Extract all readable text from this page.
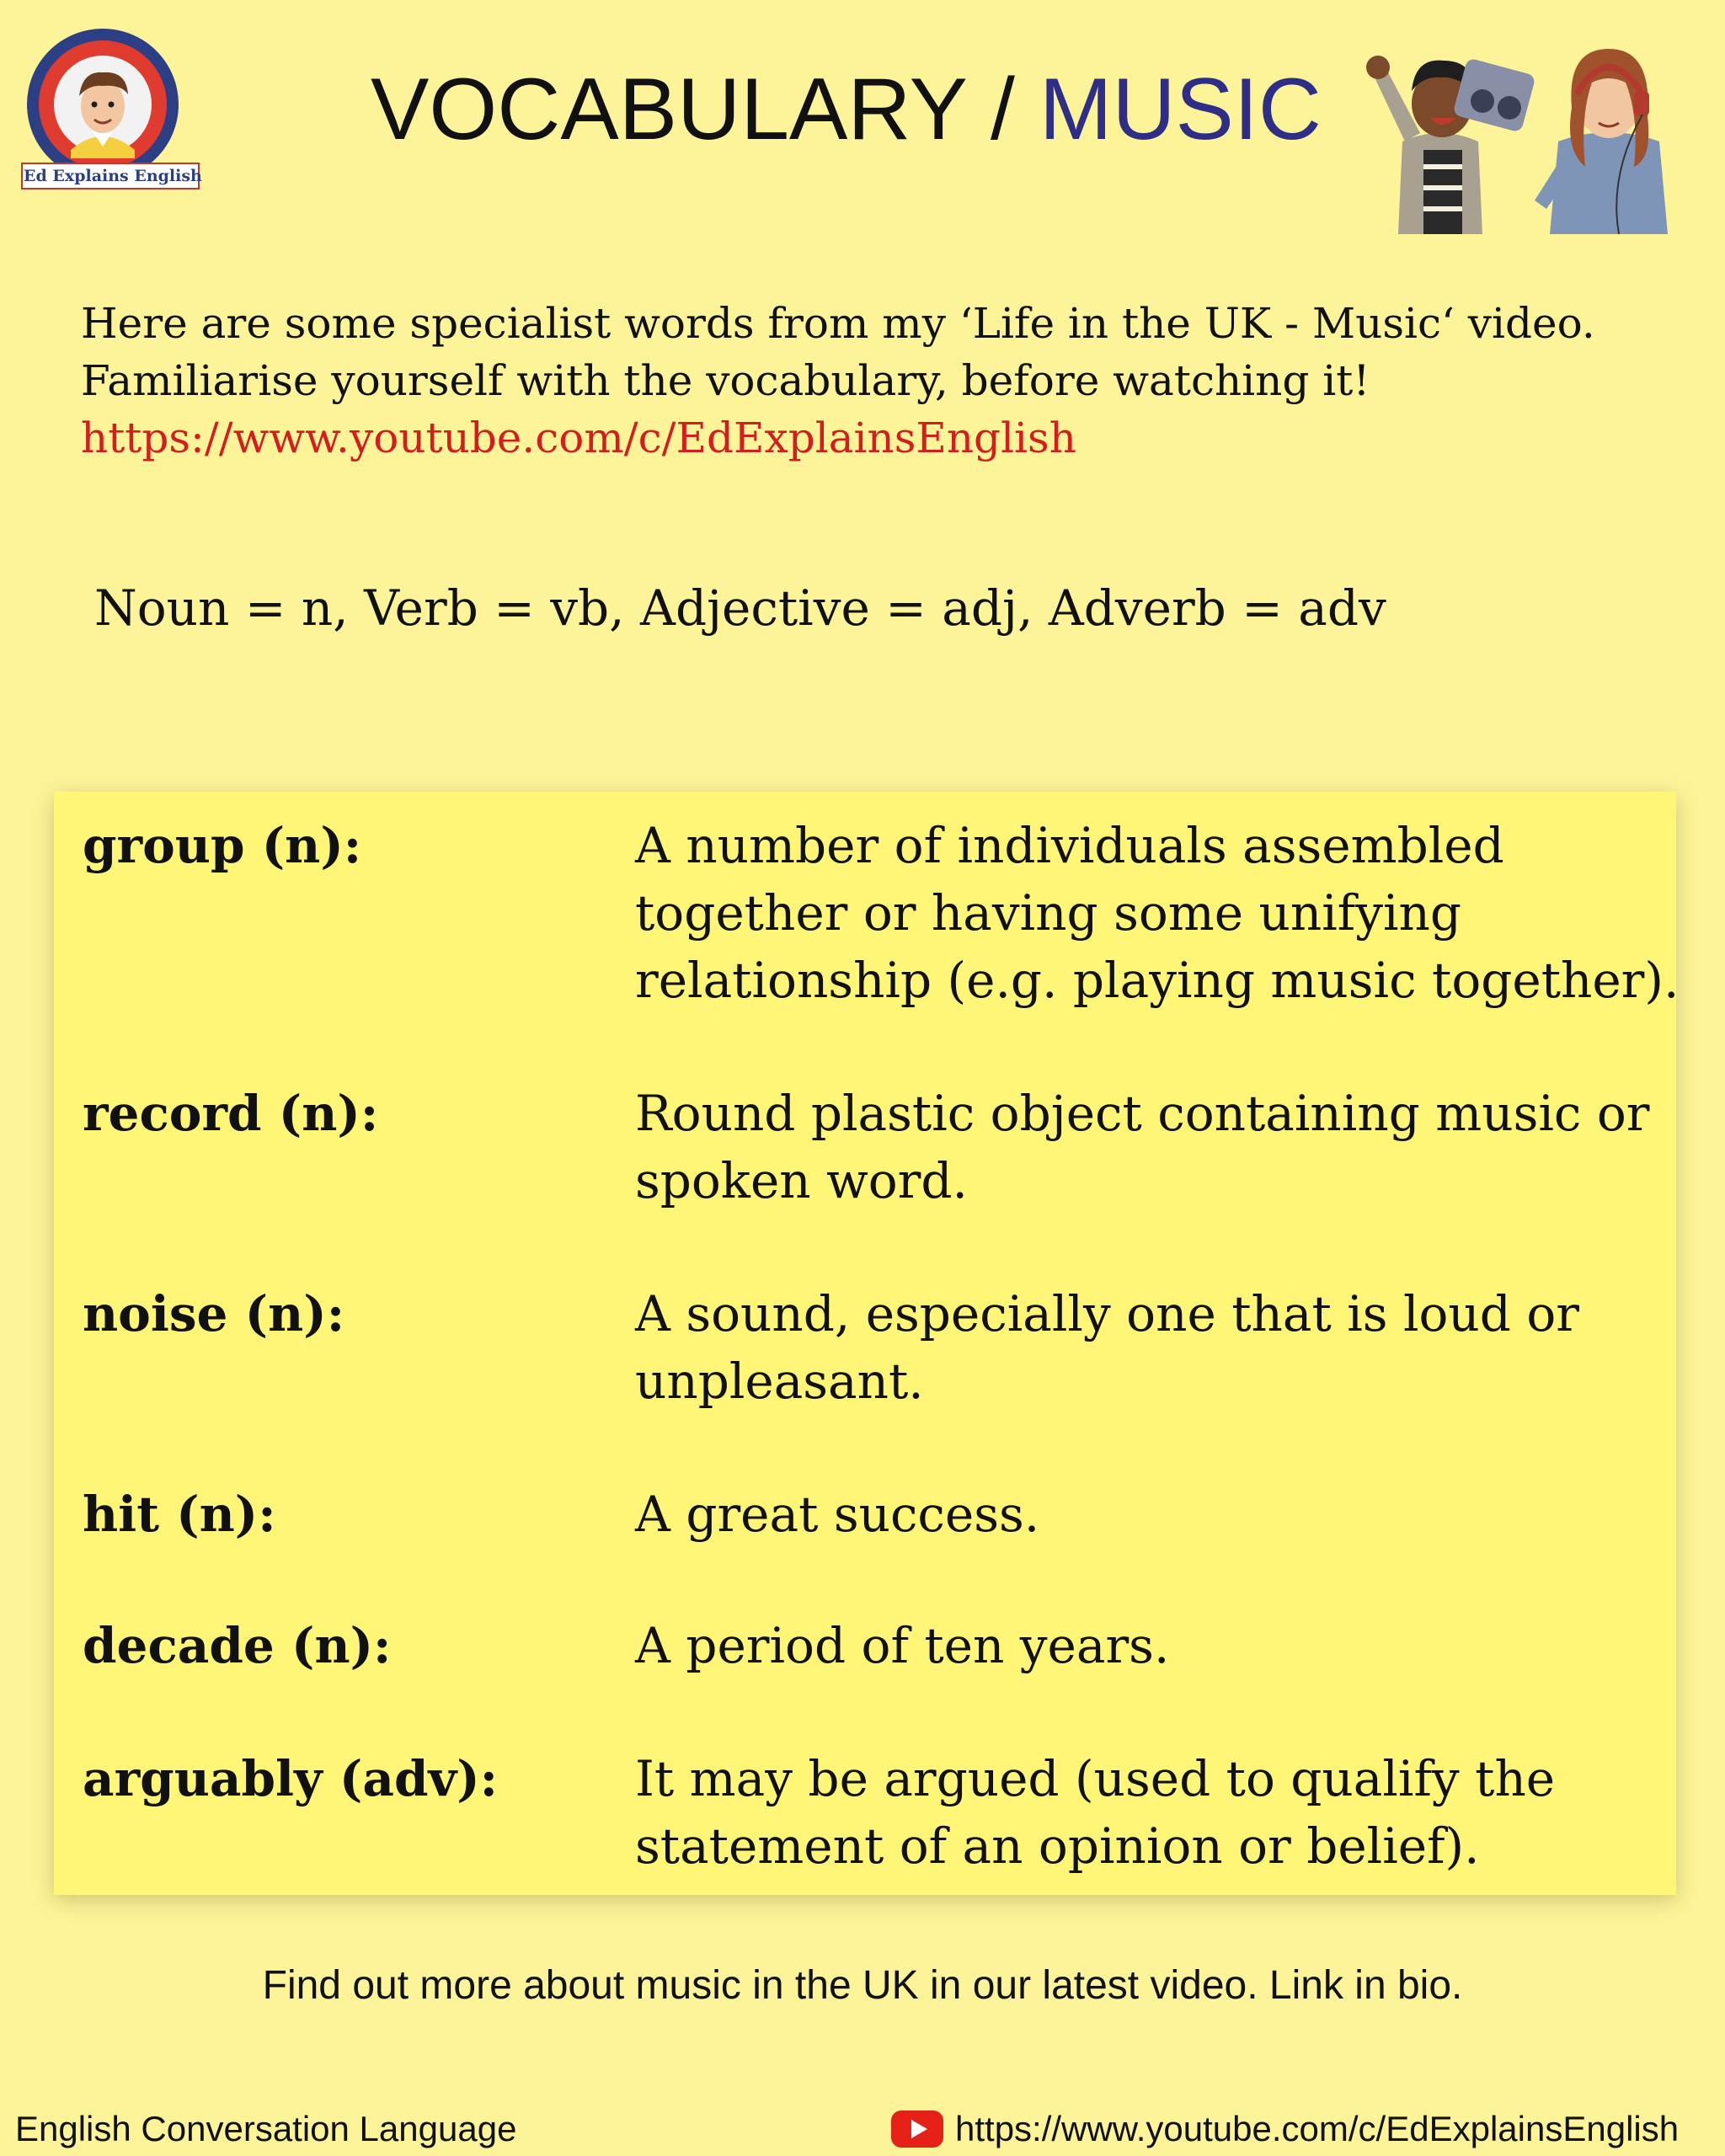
Ed Explains English
VOCABULARY / MUSIC
Here are some specialist words from my ‘Life in the UK - Music‘ video.
Familiarise yourself with the vocabulary, before watching it!
https://www.youtube.com/c/EdExplainsEnglish
Noun = n, Verb = vb, Adjective = adj, Adverb = adv
group (n):	A number of individuals assembled
together or having some unifying
relationship (e.g. playing music together).
record (n):	Round plastic object containing music or
spoken word.
noise (n):	A sound, especially one that is loud or
unpleasant.
hit (n):	A great success.
decade (n):	A period of ten years.
arguably (adv):	It may be argued (used to qualify the
statement of an opinion or belief).
Find out more about music in the UK in our latest video. Link in bio.
English Conversation Language	https://www.youtube.com/c/EdExplainsEnglish
